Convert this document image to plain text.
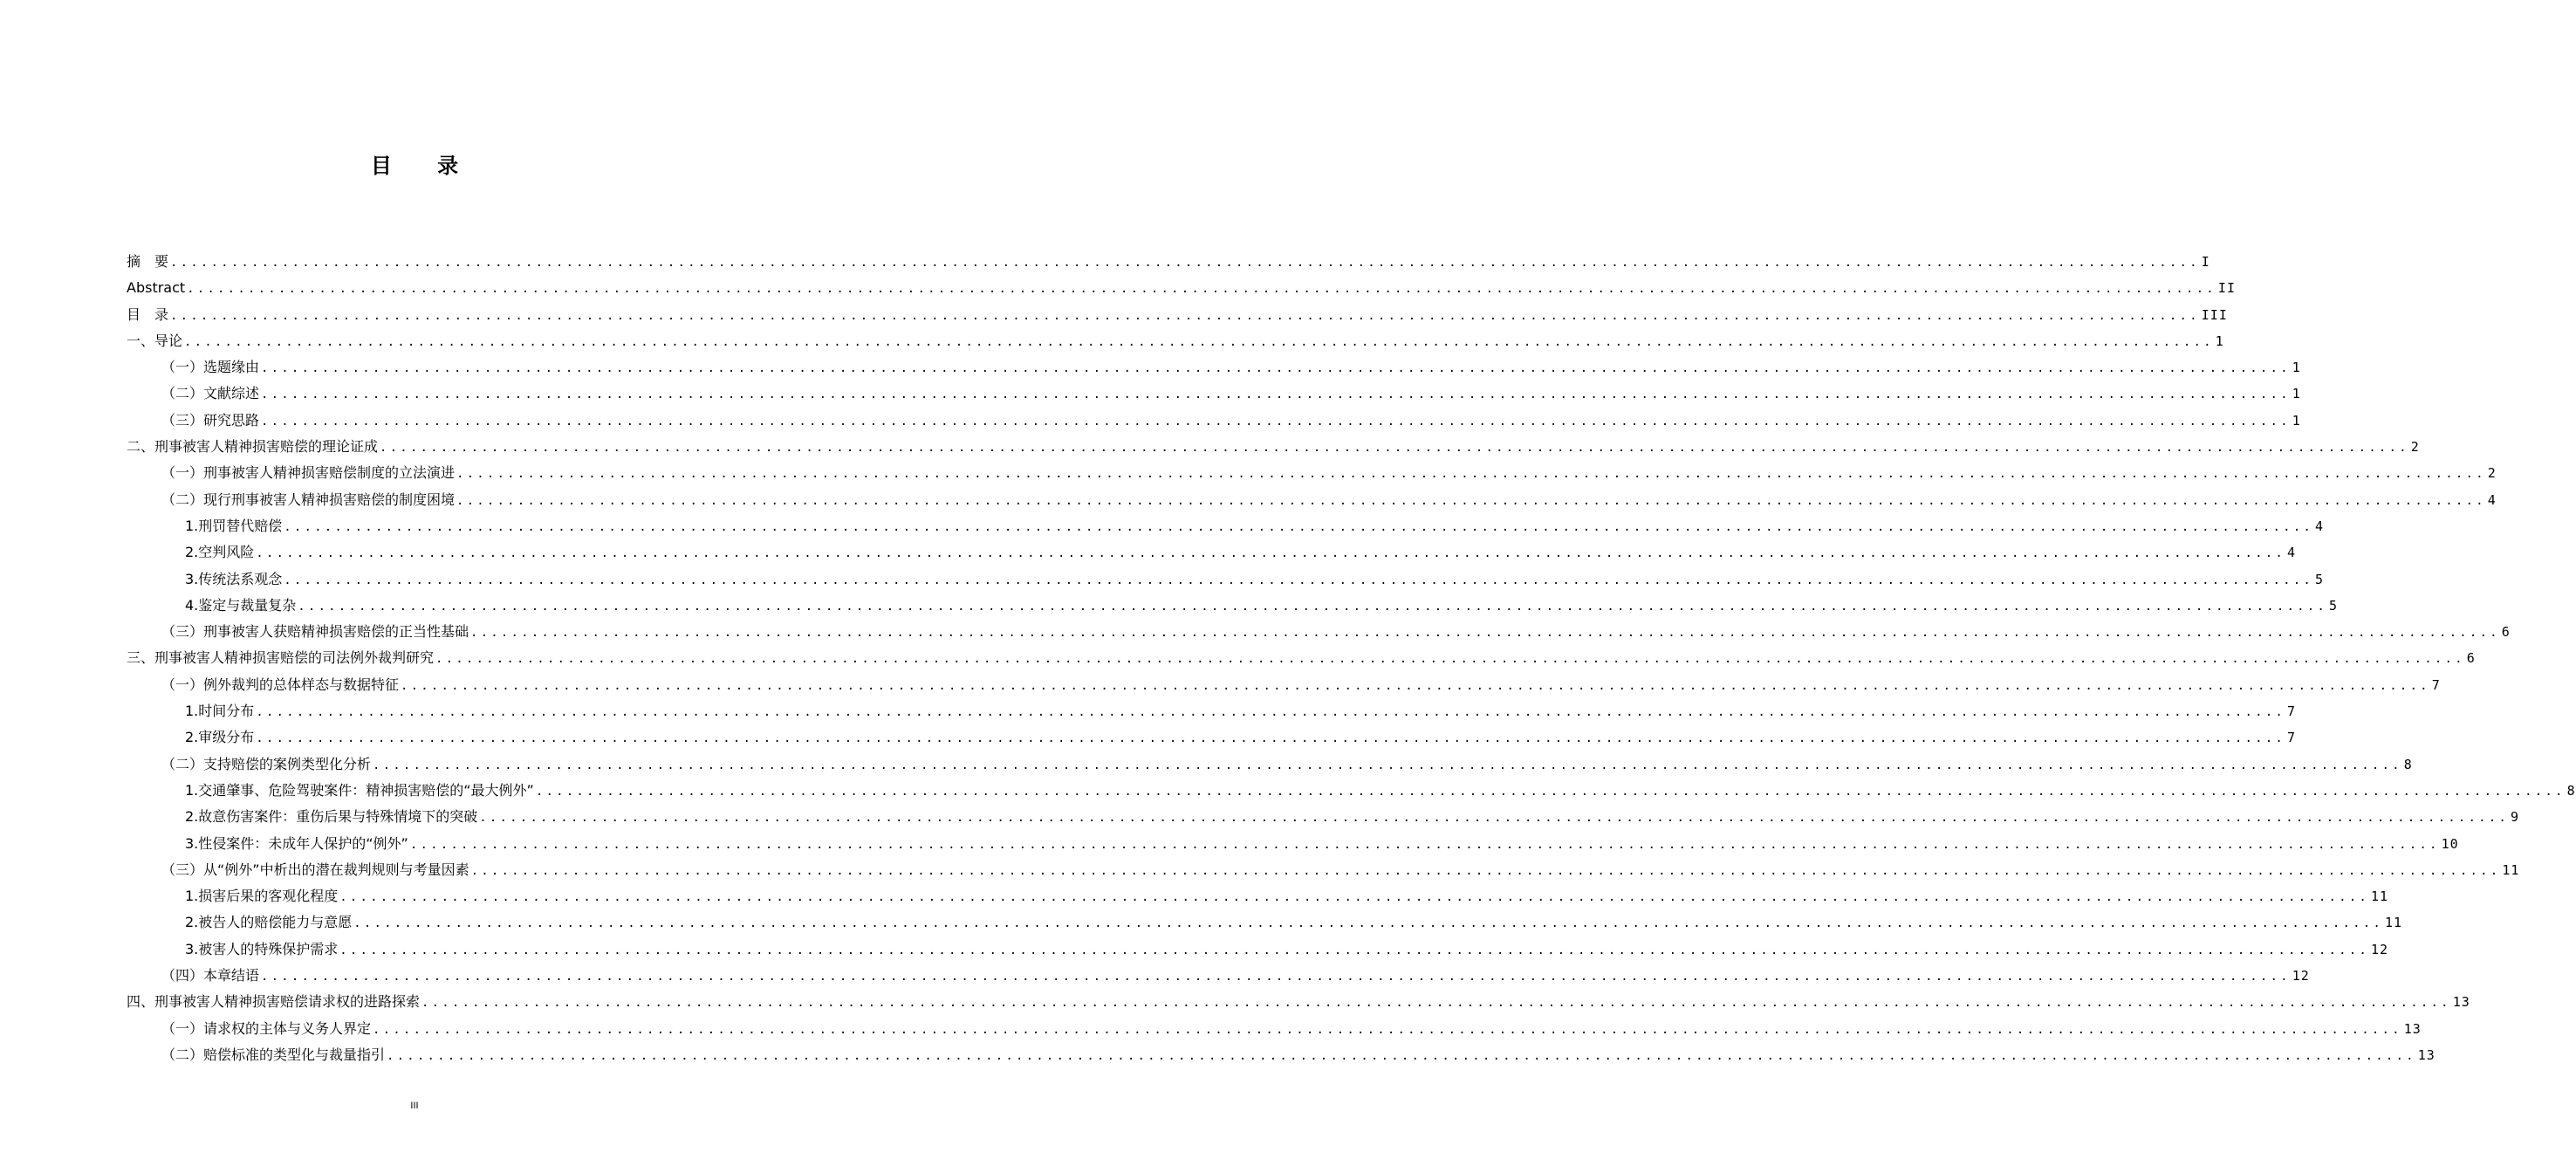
目 录
摘　要 ........................................................................................................................................................................................................ I
Abstract ........................................................................................................................................................................................................ II
目　录 ........................................................................................................................................................................................................ III
一、导论 ........................................................................................................................................................................................................ 1
（一）选题缘由 ........................................................................................................................................................................................................ 1
（二）文献综述 ........................................................................................................................................................................................................ 1
（三）研究思路 ........................................................................................................................................................................................................ 1
二、刑事被害人精神损害赔偿的理论证成 ........................................................................................................................................................................................................ 2
（一）刑事被害人精神损害赔偿制度的立法演进 ........................................................................................................................................................................................................ 2
（二）现行刑事被害人精神损害赔偿的制度困境 ........................................................................................................................................................................................................ 4
1.刑罚替代赔偿 ........................................................................................................................................................................................................ 4
2.空判风险 ........................................................................................................................................................................................................ 4
3.传统法系观念 ........................................................................................................................................................................................................ 5
4.鉴定与裁量复杂 ........................................................................................................................................................................................................ 5
（三）刑事被害人获赔精神损害赔偿的正当性基础 ........................................................................................................................................................................................................ 6
三、刑事被害人精神损害赔偿的司法例外裁判研究 ........................................................................................................................................................................................................ 6
（一）例外裁判的总体样态与数据特征 ........................................................................................................................................................................................................ 7
1.时间分布 ........................................................................................................................................................................................................ 7
2.审级分布 ........................................................................................................................................................................................................ 7
（二）支持赔偿的案例类型化分析 ........................................................................................................................................................................................................ 8
1.交通肇事、危险驾驶案件：精神损害赔偿的“最大例外” ........................................................................................................................................................................................................ 8
2.故意伤害案件：重伤后果与特殊情境下的突破 ........................................................................................................................................................................................................ 9
3.性侵案件：未成年人保护的“例外” ........................................................................................................................................................................................................ 10
（三）从“例外”中析出的潜在裁判规则与考量因素 ........................................................................................................................................................................................................ 11
1.损害后果的客观化程度 ........................................................................................................................................................................................................ 11
2.被告人的赔偿能力与意愿 ........................................................................................................................................................................................................ 11
3.被害人的特殊保护需求 ........................................................................................................................................................................................................ 12
（四）本章结语 ........................................................................................................................................................................................................ 12
四、刑事被害人精神损害赔偿请求权的进路探索 ........................................................................................................................................................................................................ 13
（一）请求权的主体与义务人界定 ........................................................................................................................................................................................................ 13
（二）赔偿标准的类型化与裁量指引 ........................................................................................................................................................................................................ 13
III
